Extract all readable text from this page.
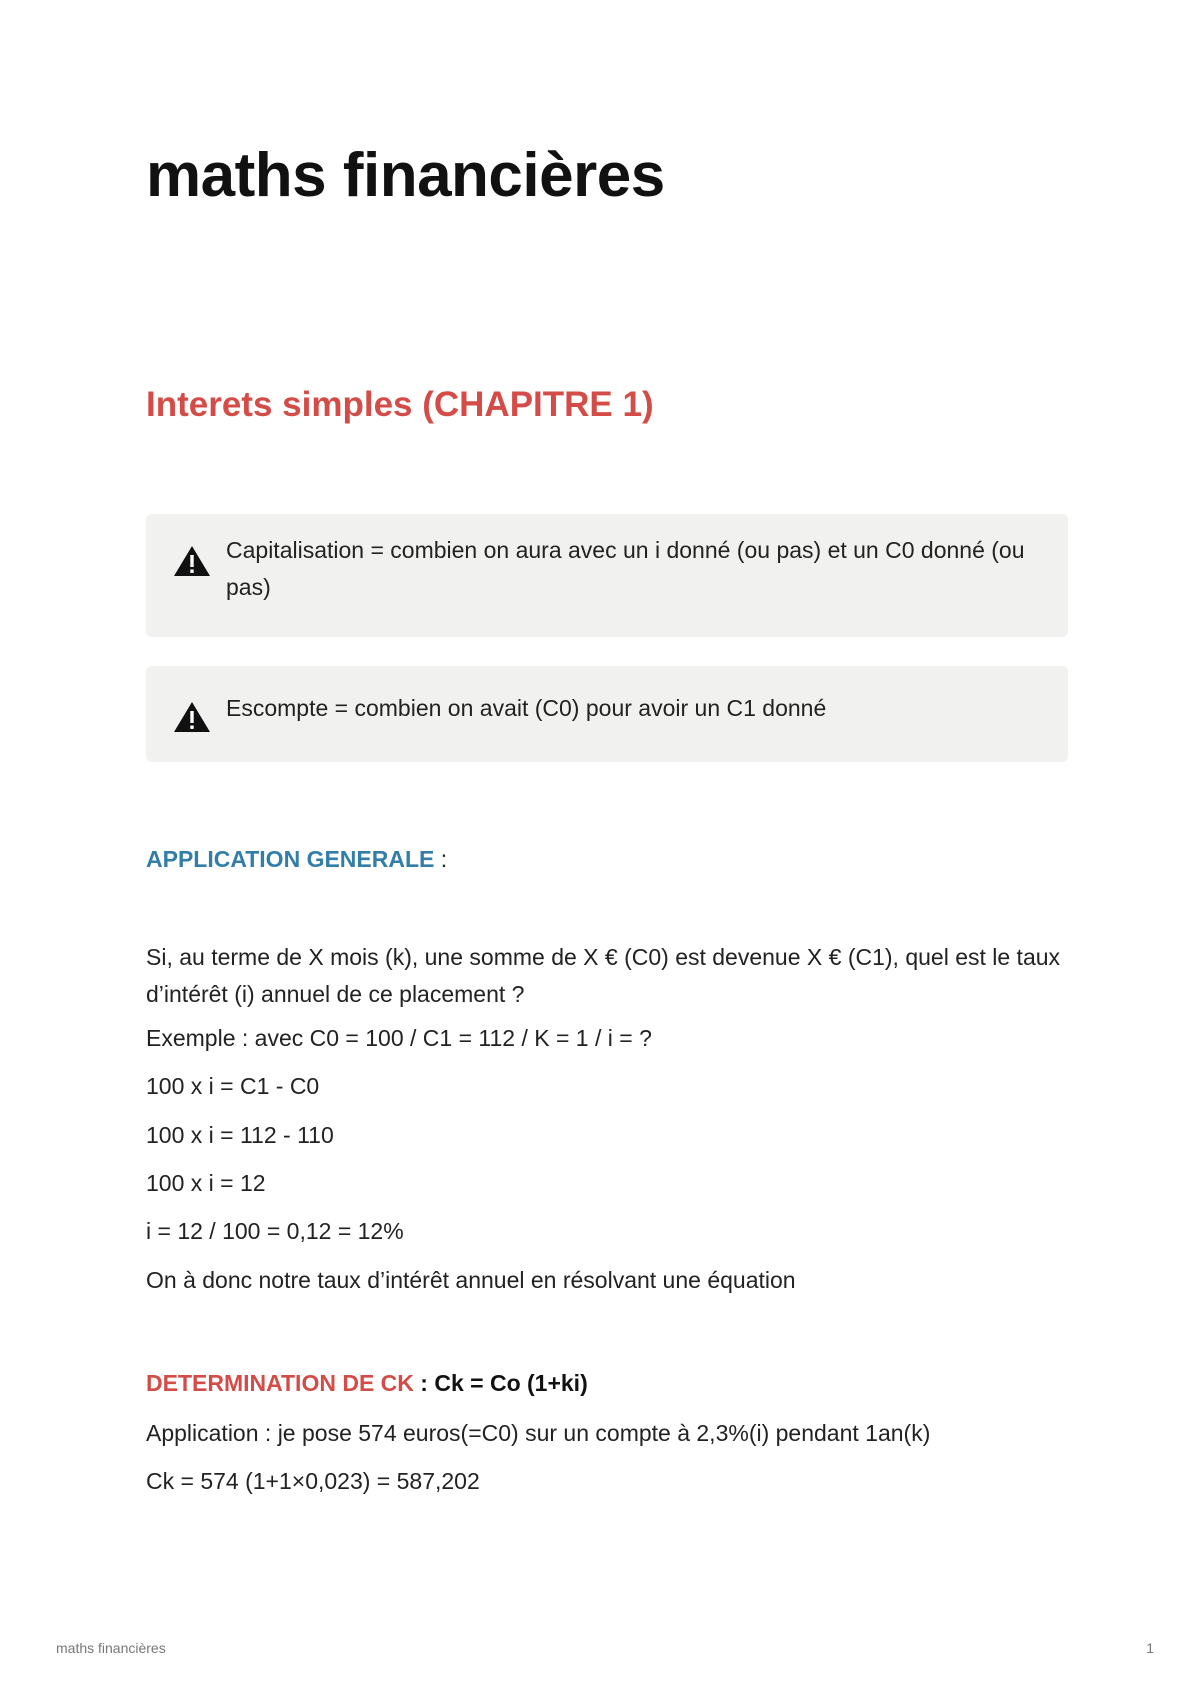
maths financières
Interets simples (CHAPITRE 1)
Capitalisation = combien on aura avec un i donné (ou pas) et un C0 donné (ou pas)
Escompte = combien on avait (C0) pour avoir un C1 donné
APPLICATION GENERALE :
Si, au terme de X mois (k), une somme de X € (C0) est devenue X € (C1), quel est le taux d’intérêt (i) annuel de ce placement ?
Exemple : avec C0 = 100 / C1 = 112 / K = 1 / i = ?
100 x i = C1 - C0
100 x i = 112 - 110
100 x i = 12
i = 12 / 100 = 0,12 = 12%
On à donc notre taux d’intérêt annuel en résolvant une équation
DETERMINATION DE CK : Ck = Co (1+ki)
Application : je pose 574 euros(=C0) sur un compte à 2,3%(i) pendant 1an(k)
Ck = 574 (1+1×0,023) = 587,202
maths financières	1
